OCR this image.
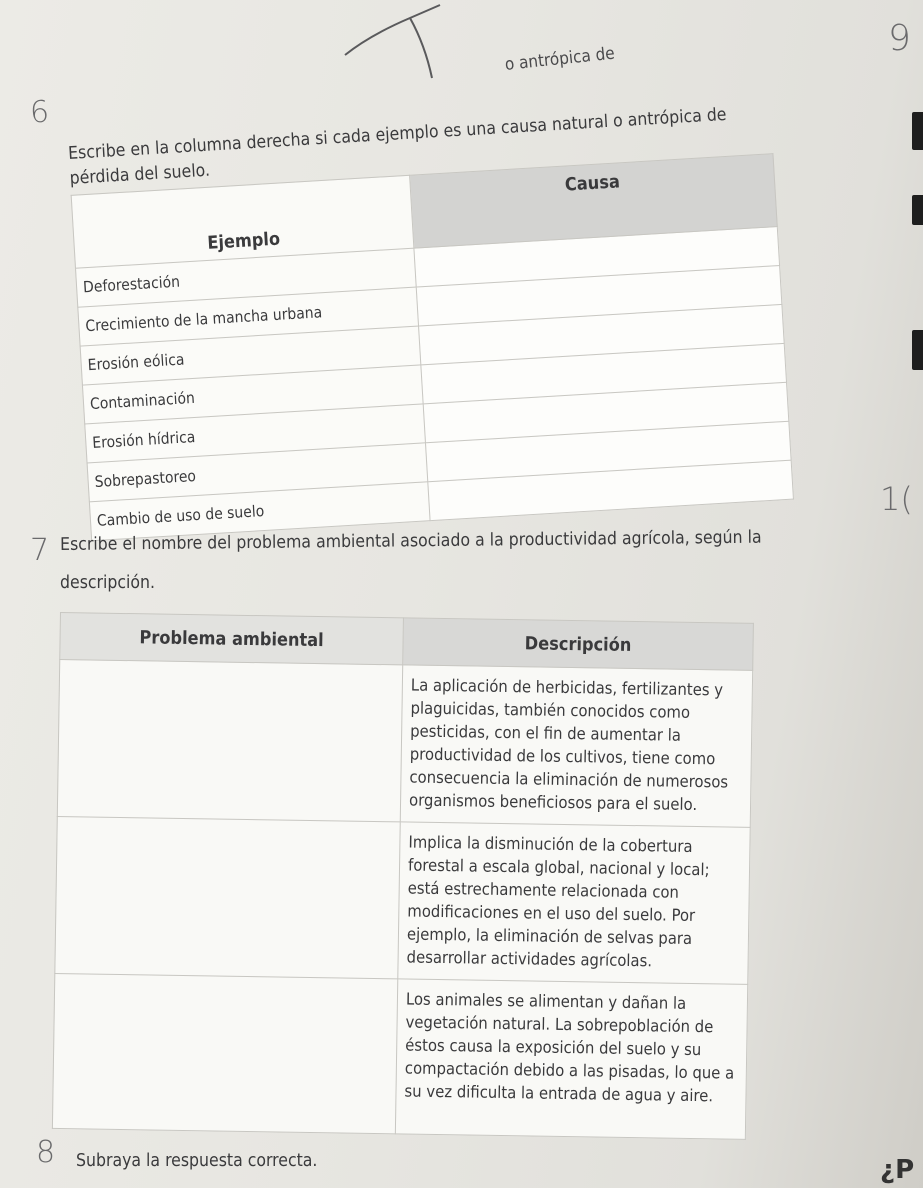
o antrópica de
9
1(
¿P
6 Escribe en la columna derecha si cada ejemplo es una causa natural o antrópica de
pérdida del suelo.
Ejemplo	Causa
Deforestación	
Crecimiento de la mancha urbana	
Erosión eólica	
Contaminación	
Erosión hídrica	
Sobrepastoreo	
Cambio de uso de suelo	
7 Escribe el nombre del problema ambiental asociado a la productividad agrícola, según la
descripción.
Problema ambiental	Descripción
	La aplicación de herbicidas, fertilizantes y plaguicidas, también conocidos como pesticidas, con el fin de aumentar la productividad de los cultivos, tiene como consecuencia la eliminación de numerosos organismos beneficiosos para el suelo.
	Implica la disminución de la cobertura forestal a escala global, nacional y local; está estrechamente relacionada con modificaciones en el uso del suelo. Por ejemplo, la eliminación de selvas para desarrollar actividades agrícolas.
	Los animales se alimentan y dañan la vegetación natural. La sobrepoblación de éstos causa la exposición del suelo y su compactación debido a las pisadas, lo que a su vez dificulta la entrada de agua y aire.
8 Subraya la respuesta correcta.
